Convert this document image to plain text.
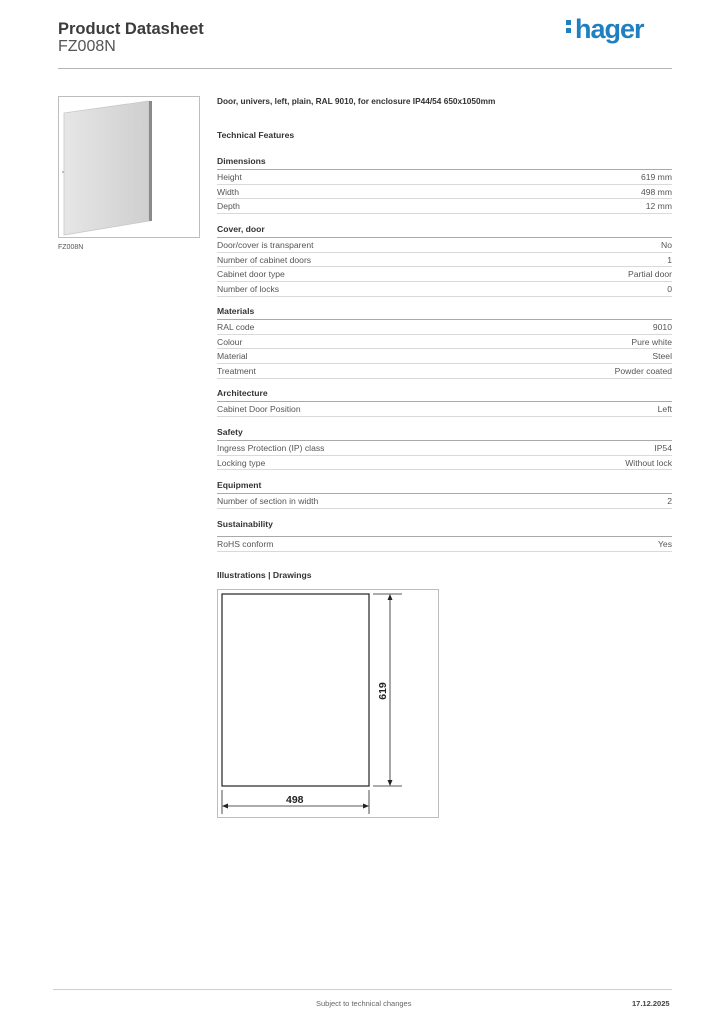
Product Datasheet
FZ008N
hager
FZ008N
Door, univers, left, plain, RAL 9010, for enclosure IP44/54 650x1050mm
Technical Features
Dimensions
Height	619 mm
Width	498 mm
Depth	12 mm
Cover, door
Door/cover is transparent	No
Number of cabinet doors	1
Cabinet door type	Partial door
Number of locks	0
Materials
RAL code	9010
Colour	Pure white
Material	Steel
Treatment	Powder coated
Architecture
Cabinet Door Position	Left
Safety
Ingress Protection (IP) class	IP54
Locking type	Without lock
Equipment
Number of section in width	2
Sustainability
RoHS conform	Yes
Illustrations | Drawings
498
619
Subject to technical changes	17.12.2025
